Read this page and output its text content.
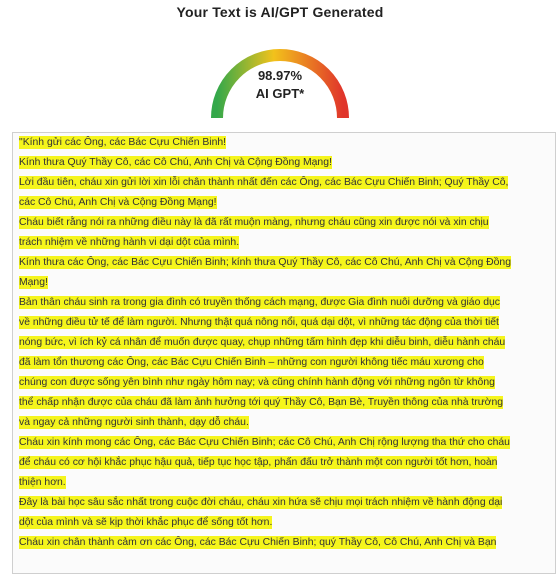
Your Text is AI/GPT Generated
98.97%
AI GPT*
"Kính gửi các Ông, các Bác Cựu Chiến Binh!
Kính thưa Quý Thầy Cô, các Cô Chú, Anh Chị và Cộng Đồng Mạng!
Lời đầu tiên, cháu xin gửi lời xin lỗi chân thành nhất đến các Ông, các Bác Cựu Chiến Binh; Quý Thầy Cô,
các Cô Chú, Anh Chị và Cộng Đồng Mạng!
Cháu biết rằng nói ra những điều này là đã rất muộn màng, nhưng cháu cũng xin được nói và xin chịu
trách nhiệm về những hành vi dại dột của mình.
Kính thưa các Ông, các Bác Cựu Chiến Binh; kính thưa Quý Thầy Cô, các Cô Chú, Anh Chị và Cộng Đồng
Mạng!
Bản thân cháu sinh ra trong gia đình có truyền thống cách mạng, được Gia đình nuôi dưỡng và giáo dục
về những điều tử tế để làm người. Nhưng thật quá nông nổi, quá dại dột, vì những tác động của thời tiết
nóng bức, vì ích kỷ cá nhân để muốn được quay, chụp những tấm hình đẹp khi diễu binh, diễu hành cháu
đã làm tổn thương các Ông, các Bác Cựu Chiến Binh – những con người không tiếc máu xương cho
chúng con được sống yên bình như ngày hôm nay; và cũng chính hành động với những ngôn từ không
thể chấp nhận được của cháu đã làm ảnh hưởng tới quý Thầy Cô, Bạn Bè, Truyền thông của nhà trường
và ngay cả những người sinh thành, dạy dỗ cháu.
Cháu xin kính mong các Ông, các Bác Cựu Chiến Binh; các Cô Chú, Anh Chị rộng lượng tha thứ cho cháu
để cháu có cơ hội khắc phục hậu quả, tiếp tục học tập, phấn đấu trở thành một con người tốt hơn, hoàn
thiện hơn.
Đây là bài học sâu sắc nhất trong cuộc đời cháu, cháu xin hứa sẽ chịu mọi trách nhiệm về hành động dại
dột của mình và sẽ kịp thời khắc phục để sống tốt hơn.
Cháu xin chân thành cảm ơn các Ông, các Bác Cựu Chiến Binh; quý Thầy Cô, Cô Chú, Anh Chị và Bạn
